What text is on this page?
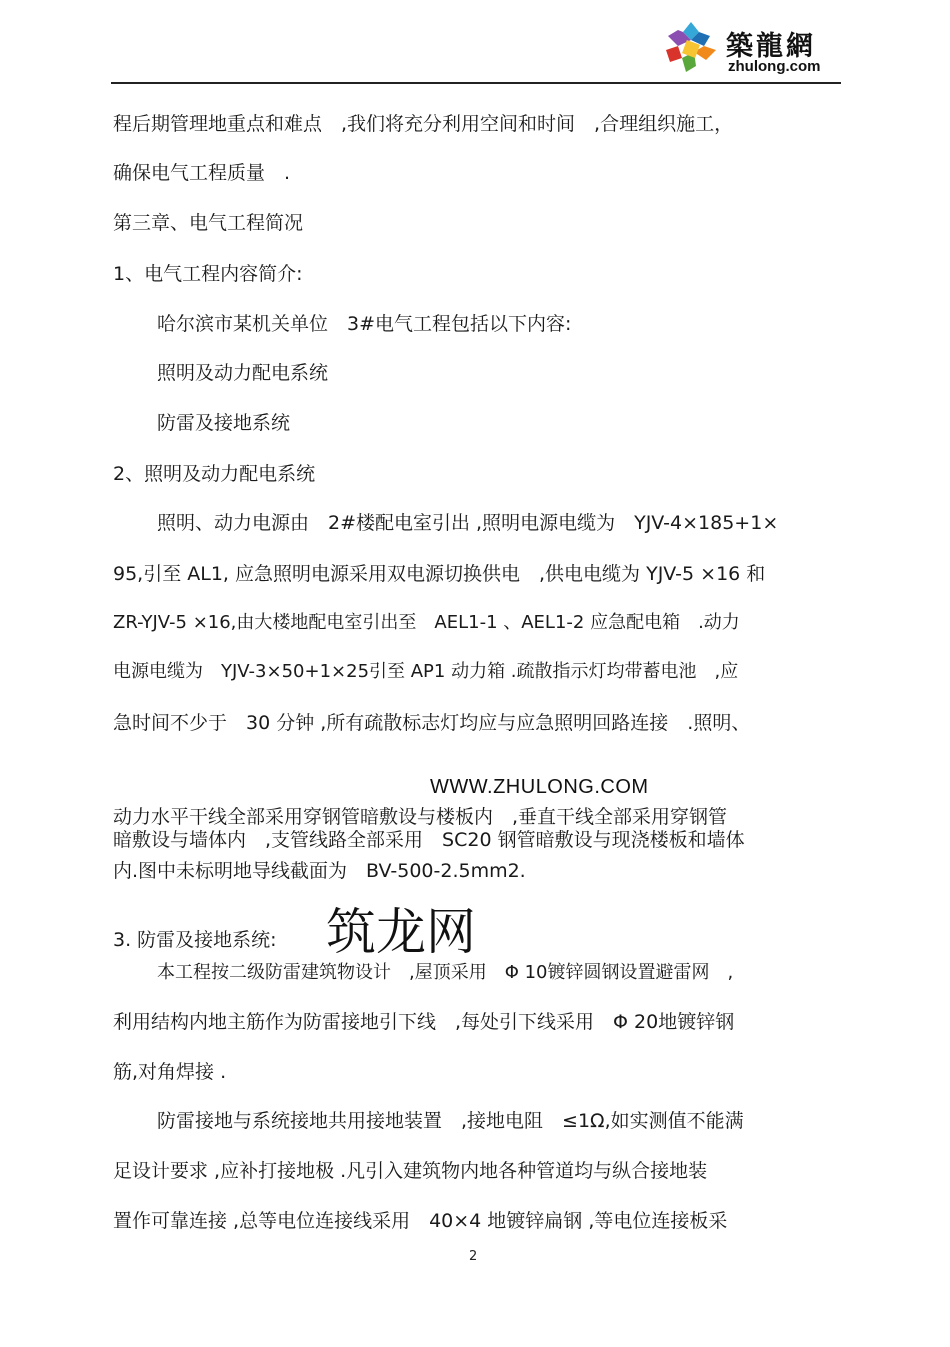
築龍網
zhulong.com
程后期管理地重点和难点　,我们将充分利用空间和时间　,合理组织施工，
确保电气工程质量　.
第三章、电气工程简况
1、电气工程内容简介:
哈尔滨市某机关单位　3#电气工程包括以下内容:
照明及动力配电系统
防雷及接地系统
2、照明及动力配电系统
照明、动力电源由　2#楼配电室引出 ,照明电源电缆为　YJV-4×185+1×
95,引至 AL1, 应急照明电源采用双电源切换供电　,供电电缆为 YJV-5 ×16 和
ZR-YJV-5 ×16,由大楼地配电室引出至　AEL1-1 、AEL1-2 应急配电箱　.动力
电源电缆为　YJV-3×50+1×25引至 AP1 动力箱 .疏散指示灯均带蓄电池　,应
急时间不少于　30 分钟 ,所有疏散标志灯均应与应急照明回路连接　.照明、
WWW.ZHULONG.COM
动力水平干线全部采用穿钢管暗敷设与楼板内　,垂直干线全部采用穿钢管
暗敷设与墙体内　,支管线路全部采用　SC20 钢管暗敷设与现浇楼板和墙体
内.图中未标明地导线截面为　BV-500-2.5mm2.
3. 防雷及接地系统: 筑龙网
本工程按二级防雷建筑物设计　,屋顶采用　Φ 10镀锌圆钢设置避雷网　,
利用结构内地主筋作为防雷接地引下线　,每处引下线采用　Φ 20地镀锌钢
筋,对角焊接 .
防雷接地与系统接地共用接地装置　,接地电阻　≤1Ω,如实测值不能满
足设计要求 ,应补打接地极 .凡引入建筑物内地各种管道均与纵合接地装
置作可靠连接 ,总等电位连接线采用　40×4 地镀锌扁钢 ,等电位连接板采
2
